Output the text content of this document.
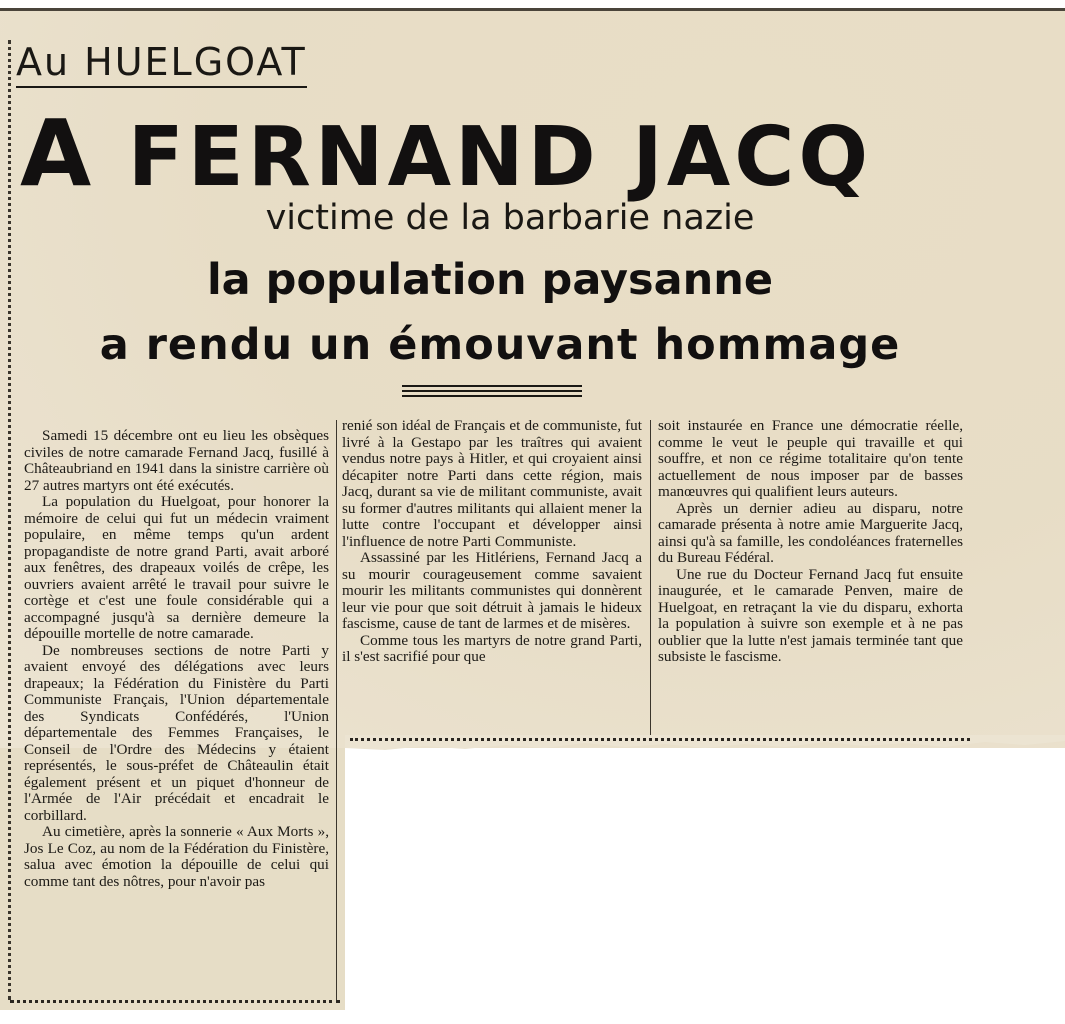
Au HUELGOAT
A FERNAND JACQ
victime de la barbarie nazie
la population paysanne
a rendu un émouvant hommage

Samedi 15 décembre ont eu lieu les obsèques civiles de notre camarade Fernand Jacq, fusillé à Châteaubriand en 1941 dans la sinistre carrière où 27 autres martyrs ont été exécutés.

La population du Huelgoat, pour honorer la mémoire de celui qui fut un médecin vraiment populaire, en même temps qu'un ardent propagandiste de notre grand Parti, avait arboré aux fenêtres, des drapeaux voilés de crêpe, les ouvriers avaient arrêté le travail pour suivre le cortège et c'est une foule considérable qui a accompagné jusqu'à sa dernière demeure la dépouille mortelle de notre camarade.

De nombreuses sections de notre Parti y avaient envoyé des délégations avec leurs drapeaux; la Fédération du Finistère du Parti Communiste Français, l'Union départementale des Syndicats Confédérés, l'Union départementale des Femmes Françaises, le Conseil de l'Ordre des Médecins y étaient représentés, le sous-préfet de Châteaulin était également présent et un piquet d'honneur de l'Armée de l'Air précédait et encadrait le corbillard.

Au cimetière, après la sonnerie « Aux Morts », Jos Le Coz, au nom de la Fédération du Finistère, salua avec émotion la dépouille de celui qui comme tant des nôtres, pour n'avoir pas

renié son idéal de Français et de communiste, fut livré à la Gestapo par les traîtres qui avaient vendus notre pays à Hitler, et qui croyaient ainsi décapiter notre Parti dans cette région, mais Jacq, durant sa vie de militant communiste, avait su former d'autres militants qui allaient mener la lutte contre l'occupant et développer ainsi l'influence de notre Parti Communiste.

Assassiné par les Hitlériens, Fernand Jacq a su mourir courageusement comme savaient mourir les militants communistes qui donnèrent leur vie pour que soit détruit à jamais le hideux fascisme, cause de tant de larmes et de misères.

Comme tous les martyrs de notre grand Parti, il s'est sacrifié pour que

soit instaurée en France une démocratie réelle, comme le veut le peuple qui travaille et qui souffre, et non ce régime totalitaire qu'on tente actuellement de nous imposer par de basses manœuvres qui qualifient leurs auteurs.

Après un dernier adieu au disparu, notre camarade présenta à notre amie Marguerite Jacq, ainsi qu'à sa famille, les condoléances fraternelles du Bureau Fédéral.

Une rue du Docteur Fernand Jacq fut ensuite inaugurée, et le camarade Penven, maire de Huelgoat, en retraçant la vie du disparu, exhorta la population à suivre son exemple et à ne pas oublier que la lutte n'est jamais terminée tant que subsiste le fascisme.
